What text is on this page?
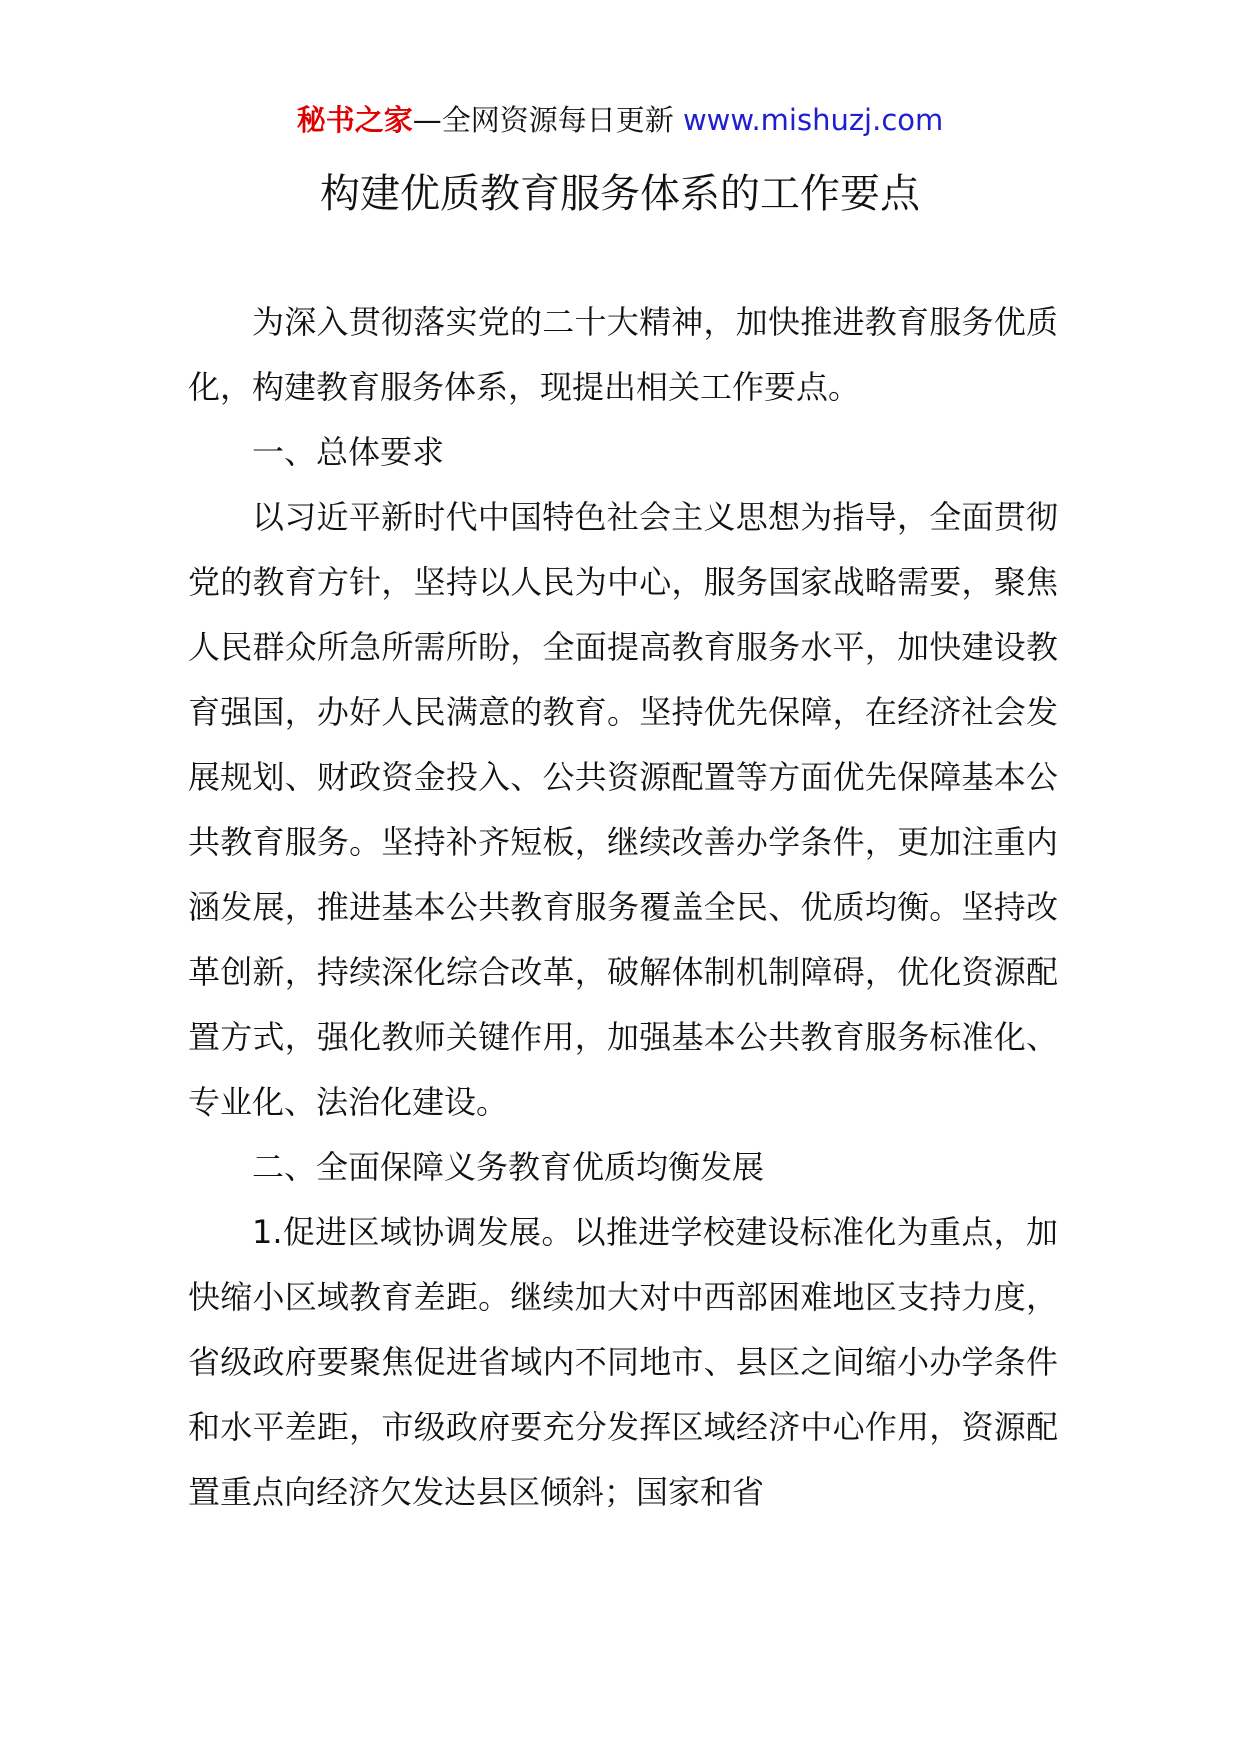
秘书之家—全网资源每日更新 www.mishuzj.com
构建优质教育服务体系的工作要点

为深入贯彻落实党的二十大精神，加快推进教育服务优质化，构建教育服务体系，现提出相关工作要点。

一、总体要求

以习近平新时代中国特色社会主义思想为指导，全面贯彻党的教育方针，坚持以人民为中心，服务国家战略需要，聚焦人民群众所急所需所盼，全面提高教育服务水平，加快建设教育强国，办好人民满意的教育。坚持优先保障，在经济社会发展规划、财政资金投入、公共资源配置等方面优先保障基本公共教育服务。坚持补齐短板，继续改善办学条件，更加注重内涵发展，推进基本公共教育服务覆盖全民、优质均衡。坚持改革创新，持续深化综合改革，破解体制机制障碍，优化资源配置方式，强化教师关键作用，加强基本公共教育服务标准化、专业化、法治化建设。

二、全面保障义务教育优质均衡发展

1.促进区域协调发展。以推进学校建设标准化为重点，加快缩小区域教育差距。继续加大对中西部困难地区支持力度，省级政府要聚焦促进省域内不同地市、县区之间缩小办学条件和水平差距，市级政府要充分发挥区域经济中心作用，资源配置重点向经济欠发达县区倾斜；国家和省
